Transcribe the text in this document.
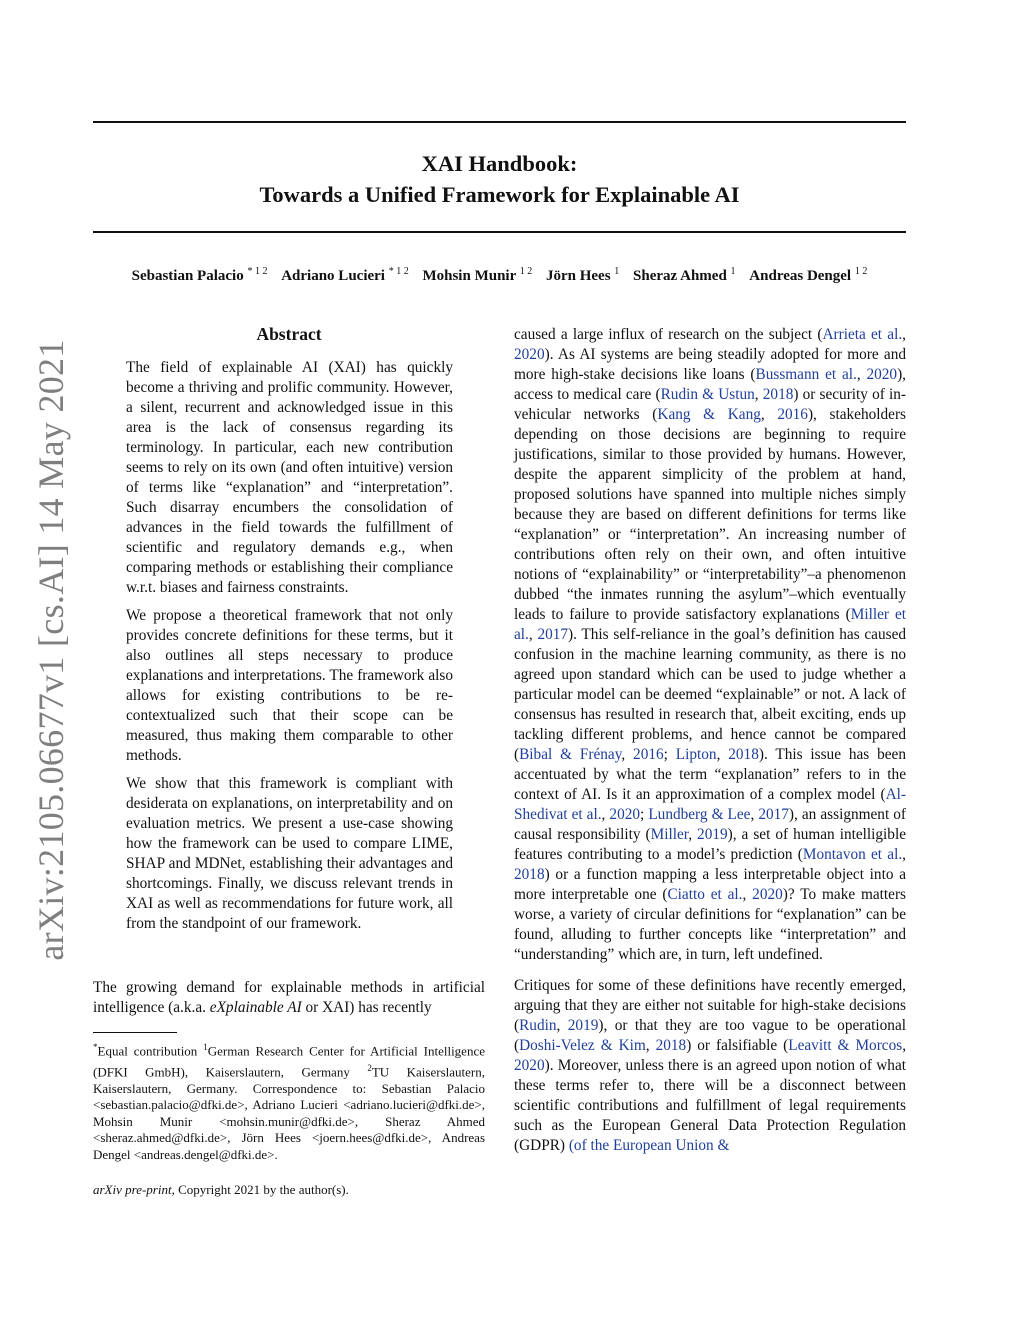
arXiv:2105.06677v1 [cs.AI] 14 May 2021
XAI Handbook:
Towards a Unified Framework for Explainable AI
Sebastian Palacio $^{* 1 2}$ Adriano Lucieri $^{* 1 2}$ Mohsin Munir $^{1 2}$ Jörn Hees $^1$ Sheraz Ahmed $^1$ Andreas Dengel $^{1 2}$
Abstract

The field of explainable AI (XAI) has quickly become a thriving and prolific community. However, a silent, recurrent and acknowledged issue in this area is the lack of consensus regarding its terminology. In particular, each new contribution seems to rely on its own (and often intuitive) version of terms like “explanation” and “interpretation”. Such disarray encumbers the consolidation of advances in the field towards the fulfillment of scientific and regulatory demands e.g., when comparing methods or establishing their compliance w.r.t. biases and fairness constraints.

We propose a theoretical framework that not only provides concrete definitions for these terms, but it also outlines all steps necessary to produce explanations and interpretations. The framework also allows for existing contributions to be re-contextualized such that their scope can be measured, thus making them comparable to other methods.

We show that this framework is compliant with desiderata on explanations, on interpretability and on evaluation metrics. We present a use-case showing how the framework can be used to compare LIME, SHAP and MDNet, establishing their advantages and shortcomings. Finally, we discuss relevant trends in XAI as well as recommendations for future work, all from the standpoint of our framework.

The growing demand for explainable methods in artificial intelligence (a.k.a. eXplainable AI or XAI) has recently

*Equal contribution $^1$German Research Center for Artificial Intelligence (DFKI GmbH), Kaiserslautern, Germany $^2$TU Kaiserslautern, Kaiserslautern, Germany. Correspondence to: Sebastian Palacio <sebastian.palacio@dfki.de>, Adriano Lucieri <adriano.lucieri@dfki.de>, Mohsin Munir <mohsin.munir@dfki.de>, Sheraz Ahmed <sheraz.ahmed@dfki.de>, Jörn Hees <joern.hees@dfki.de>, Andreas Dengel <andreas.dengel@dfki.de>.
arXiv pre-print, Copyright 2021 by the author(s).

caused a large influx of research on the subject (Arrieta et al., 2020). As AI systems are being steadily adopted for more and more high-stake decisions like loans (Bussmann et al., 2020), access to medical care (Rudin & Ustun, 2018) or security of in-vehicular networks (Kang & Kang, 2016), stakeholders depending on those decisions are beginning to require justifications, similar to those provided by humans. However, despite the apparent simplicity of the problem at hand, proposed solutions have spanned into multiple niches simply because they are based on different definitions for terms like “explanation” or “interpretation”. An increasing number of contributions often rely on their own, and often intuitive notions of “explainability” or “interpretability”–a phenomenon dubbed “the inmates running the asylum”–which eventually leads to failure to provide satisfactory explanations (Miller et al., 2017). This self-reliance in the goal’s definition has caused confusion in the machine learning community, as there is no agreed upon standard which can be used to judge whether a particular model can be deemed “explainable” or not. A lack of consensus has resulted in research that, albeit exciting, ends up tackling different problems, and hence cannot be compared (Bibal & Frénay, 2016; Lipton, 2018). This issue has been accentuated by what the term “explanation” refers to in the context of AI. Is it an approximation of a complex model (Al-Shedivat et al., 2020; Lundberg & Lee, 2017), an assignment of causal responsibility (Miller, 2019), a set of human intelligible features contributing to a model’s prediction (Montavon et al., 2018) or a function mapping a less interpretable object into a more interpretable one (Ciatto et al., 2020)? To make matters worse, a variety of circular definitions for “explanation” can be found, alluding to further concepts like “interpretation” and “understanding” which are, in turn, left undefined.

Critiques for some of these definitions have recently emerged, arguing that they are either not suitable for high-stake decisions (Rudin, 2019), or that they are too vague to be operational (Doshi-Velez & Kim, 2018) or falsifiable (Leavitt & Morcos, 2020). Moreover, unless there is an agreed upon notion of what these terms refer to, there will be a disconnect between scientific contributions and fulfillment of legal requirements such as the European General Data Protection Regulation (GDPR) (of the European Union &
